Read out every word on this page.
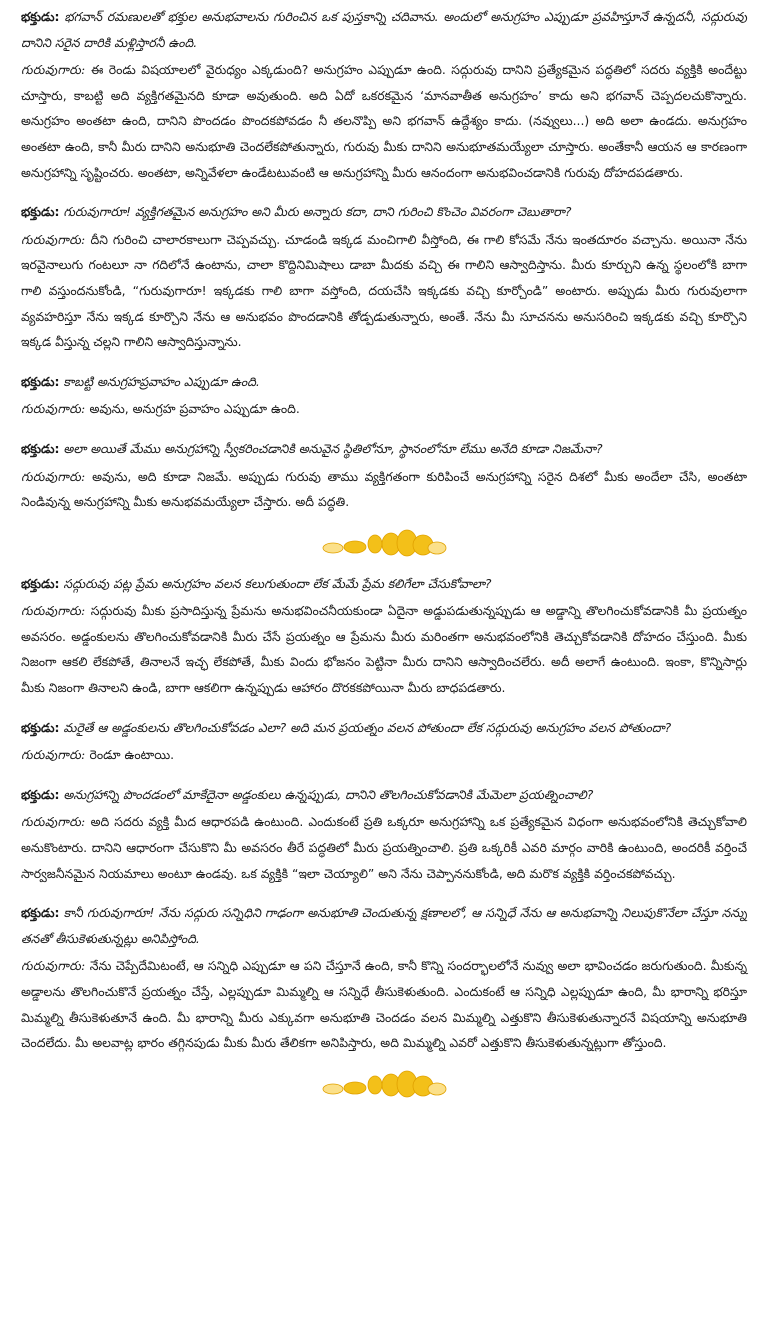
భక్తుడు: భగవాన్ రమణులతో భక్తుల అనుభవాలను గురించిన ఒక పుస్తకాన్ని చదివాను. అందులో అనుగ్రహం ఎప్పుడూ ప్రవహిస్తూనే ఉన్నదనీ, సద్గురువు దానిని సరైన దారికి మళ్లిస్తారనీ ఉంది.

గురువుగారు: ఈ రెండు విషయాలలో వైరుధ్యం ఎక్కడుంది? అనుగ్రహం ఎప్పుడూ ఉంది. సద్గురువు దానిని ప్రత్యేకమైన పద్ధతిలో సదరు వ్యక్తికి అందేట్టు చూస్తారు, కాబట్టి అది వ్యక్తిగతమైనది కూడా అవుతుంది. అది ఏదో ఒకరకమైన ‘మానవాతీత అనుగ్రహం’ కాదు అని భగవాన్ చెప్పదలచుకొన్నారు. అనుగ్రహం అంతటా ఉంది, దానిని పొందడం పొందకపోవడం నీ తలనొప్పి అని భగవాన్ ఉద్దేశ్యం కాదు. (నవ్వులు...) అది అలా ఉండదు. అనుగ్రహం అంతటా ఉంది, కానీ మీరు దానిని అనుభూతి చెందలేకపోతున్నారు, గురువు మీకు దానిని అనుభూతమయ్యేలా చూస్తారు. అంతేకానీ ఆయన ఆ కారణంగా అనుగ్రహాన్ని సృష్టించరు. అంతటా, అన్నివేళలా ఉండేటటువంటి ఆ అనుగ్రహాన్ని మీరు ఆనందంగా అనుభవించడానికి గురువు దోహదపడతారు.

భక్తుడు: గురువుగారూ! వ్యక్తిగతమైన అనుగ్రహం అని మీరు అన్నారు కదా, దాని గురించి కొంచెం వివరంగా చెబుతారా?

గురువుగారు: దీని గురించి చాలారకాలుగా చెప్పవచ్చు. చూడండి ఇక్కడ మంచిగాలి వీస్తోంది, ఈ గాలి కోసమే నేను ఇంతదూరం వచ్చాను. అయినా నేను ఇరవైనాలుగు గంటలూ నా గదిలోనే ఉంటాను, చాలా కొద్దినిమిషాలు డాబా మీదకు వచ్చి ఈ గాలిని ఆస్వాదిస్తాను. మీరు కూర్చుని ఉన్న స్థలంలోకి బాగా గాలి వస్తుందనుకోండి, “గురువుగారూ! ఇక్కడకు గాలి బాగా వస్తోంది, దయచేసి ఇక్కడకు వచ్చి కూర్చోండి” అంటారు. అప్పుడు మీరు గురువులాగా వ్యవహరిస్తూ నేను ఇక్కడ కూర్చొని నేను ఆ అనుభవం పొందడానికి తోడ్పడుతున్నారు, అంతే. నేను మీ సూచనను అనుసరించి ఇక్కడకు వచ్చి కూర్చొని ఇక్కడ వీస్తున్న చల్లని గాలిని ఆస్వాదిస్తున్నాను.

భక్తుడు: కాబట్టి అనుగ్రహప్రవాహం ఎప్పుడూ ఉంది.

గురువుగారు: అవును, అనుగ్రహ ప్రవాహం ఎప్పుడూ ఉంది.

భక్తుడు: అలా అయితే మేము అనుగ్రహాన్ని స్వీకరించడానికి అనువైన స్థితిలోనూ, స్థానంలోనూ లేము అనేది కూడా నిజమేనా?

గురువుగారు: అవును, అది కూడా నిజమే. అప్పుడు గురువు తాము వ్యక్తిగతంగా కురిపించే అనుగ్రహాన్ని సరైన దిశలో మీకు అందేలా చేసి, అంతటా నిండివున్న అనుగ్రహాన్ని మీకు అనుభవమయ్యేలా చేస్తారు. అదీ పద్ధతి.

భక్తుడు: సద్గురువు పట్ల ప్రేమ అనుగ్రహం వలన కలుగుతుందా లేక మేమే ప్రేమ కలిగేలా చేసుకోవాలా?

గురువుగారు: సద్గురువు మీకు ప్రసాదిస్తున్న ప్రేమను అనుభవించనీయకుండా ఏదైనా అడ్డుపడుతున్నప్పుడు ఆ అడ్డాన్ని తొలగించుకోవడానికి మీ ప్రయత్నం అవసరం. అడ్డంకులను తొలగించుకోవడానికి మీరు చేసే ప్రయత్నం ఆ ప్రేమను మీరు మరింతగా అనుభవంలోనికి తెచ్చుకోవడానికి దోహదం చేస్తుంది. మీకు నిజంగా ఆకలి లేకపోతే, తినాలనే ఇచ్ఛ లేకపోతే, మీకు విందు భోజనం పెట్టినా మీరు దానిని ఆస్వాదించలేరు. అదీ అలాగే ఉంటుంది. ఇంకా, కొన్నిసార్లు మీకు నిజంగా తినాలని ఉండి, బాగా ఆకలిగా ఉన్నప్పుడు ఆహారం దొరకకపోయినా మీరు బాధపడతారు.

భక్తుడు: మరైతే ఆ అడ్డంకులను తొలగించుకోవడం ఎలా? అది మన ప్రయత్నం వలన పోతుందా లేక సద్గురువు అనుగ్రహం వలన పోతుందా?

గురువుగారు: రెండూ ఉంటాయి.

భక్తుడు: అనుగ్రహాన్ని పొందడంలో మాకేదైనా అడ్డంకులు ఉన్నప్పుడు, దానిని తొలగించుకోవడానికి మేమెలా ప్రయత్నించాలి?

గురువుగారు: అది సదరు వ్యక్తి మీద ఆధారపడి ఉంటుంది. ఎందుకంటే ప్రతి ఒక్కరూ అనుగ్రహాన్ని ఒక ప్రత్యేకమైన విధంగా అనుభవంలోనికి తెచ్చుకోవాలి అనుకొంటారు. దానిని ఆధారంగా చేసుకొని మీ అవసరం తీరే పద్ధతిలో మీరు ప్రయత్నించాలి. ప్రతి ఒక్కరికీ ఎవరి మార్గం వారికి ఉంటుంది, అందరికీ వర్తించే సార్వజనీనమైన నియమాలు అంటూ ఉండవు. ఒక వ్యక్తికి “ఇలా చెయ్యాలి” అని నేను చెప్పాననుకోండి, అది మరొక వ్యక్తికి వర్తించకపోవచ్చు.

భక్తుడు: కానీ గురువుగారూ! నేను సద్గురు సన్నిధిని గాఢంగా అనుభూతి చెందుతున్న క్షణాలలో, ఆ సన్నిధే నేను ఆ అనుభవాన్ని నిలుపుకొనేలా చేస్తూ నన్ను తనతో తీసుకెళుతున్నట్లు అనిపిస్తోంది.

గురువుగారు: నేను చెప్పేదేమిటంటే, ఆ సన్నిధి ఎప్పుడూ ఆ పని చేస్తూనే ఉంది, కానీ కొన్ని సందర్భాలలోనే నువ్వు అలా భావించడం జరుగుతుంది. మీకున్న అడ్డాలను తొలగించుకొనే ప్రయత్నం చేస్తే, ఎల్లప్పుడూ మిమ్మల్ని ఆ సన్నిధే తీసుకెళుతుంది. ఎందుకంటే ఆ సన్నిధి ఎల్లప్పుడూ ఉంది, మీ భారాన్ని భరిస్తూ మిమ్మల్ని తీసుకెళుతూనే ఉంది. మీ భారాన్ని మీరు ఎక్కువగా అనుభూతి చెందడం వలన మిమ్మల్ని ఎత్తుకొని తీసుకెళుతున్నారనే విషయాన్ని అనుభూతి చెందలేదు. మీ అలవాట్ల భారం తగ్గినపుడు మీకు మీరు తేలికగా అనిపిస్తారు, అది మిమ్మల్ని ఎవరో ఎత్తుకొని తీసుకెళుతున్నట్లుగా తోస్తుంది.
